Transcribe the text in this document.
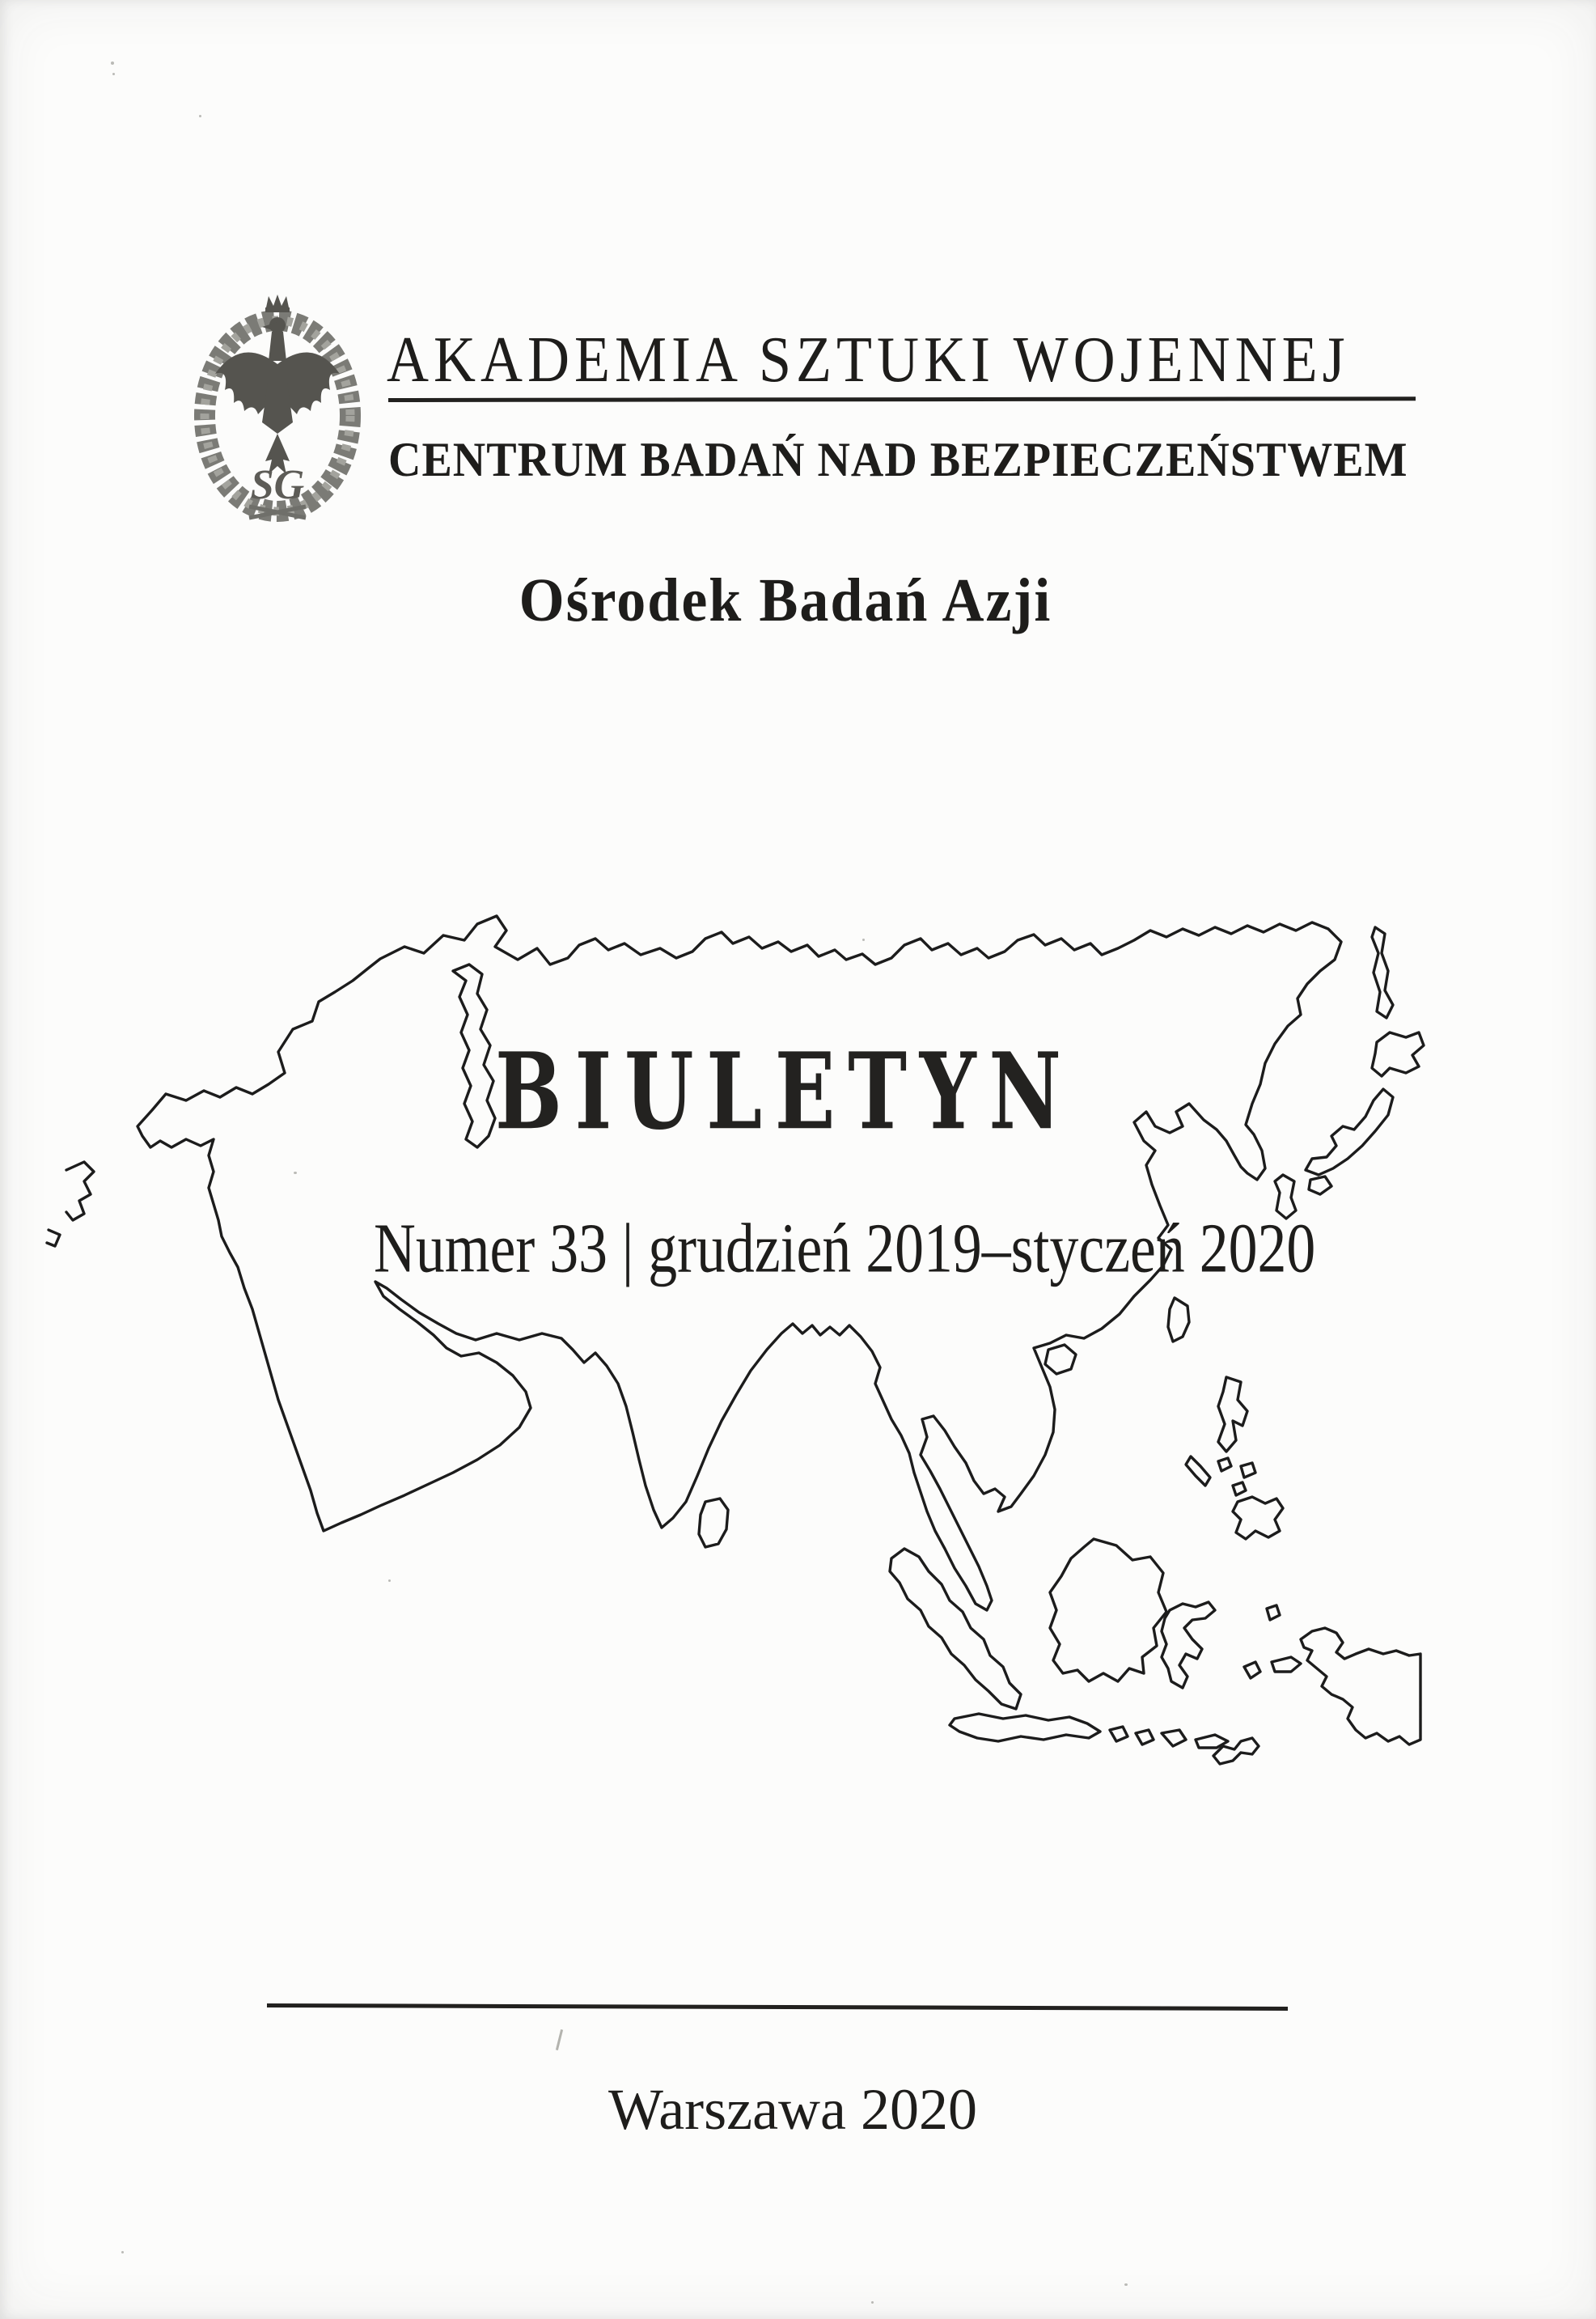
SG
AKADEMIA SZTUKI WOJENNEJ
CENTRUM BADAŃ NAD BEZPIECZEŃSTWEM
Ośrodek Badań Azji
BIULETYN
Numer 33 | grudzień 2019–styczeń 2020
Warszawa 2020
